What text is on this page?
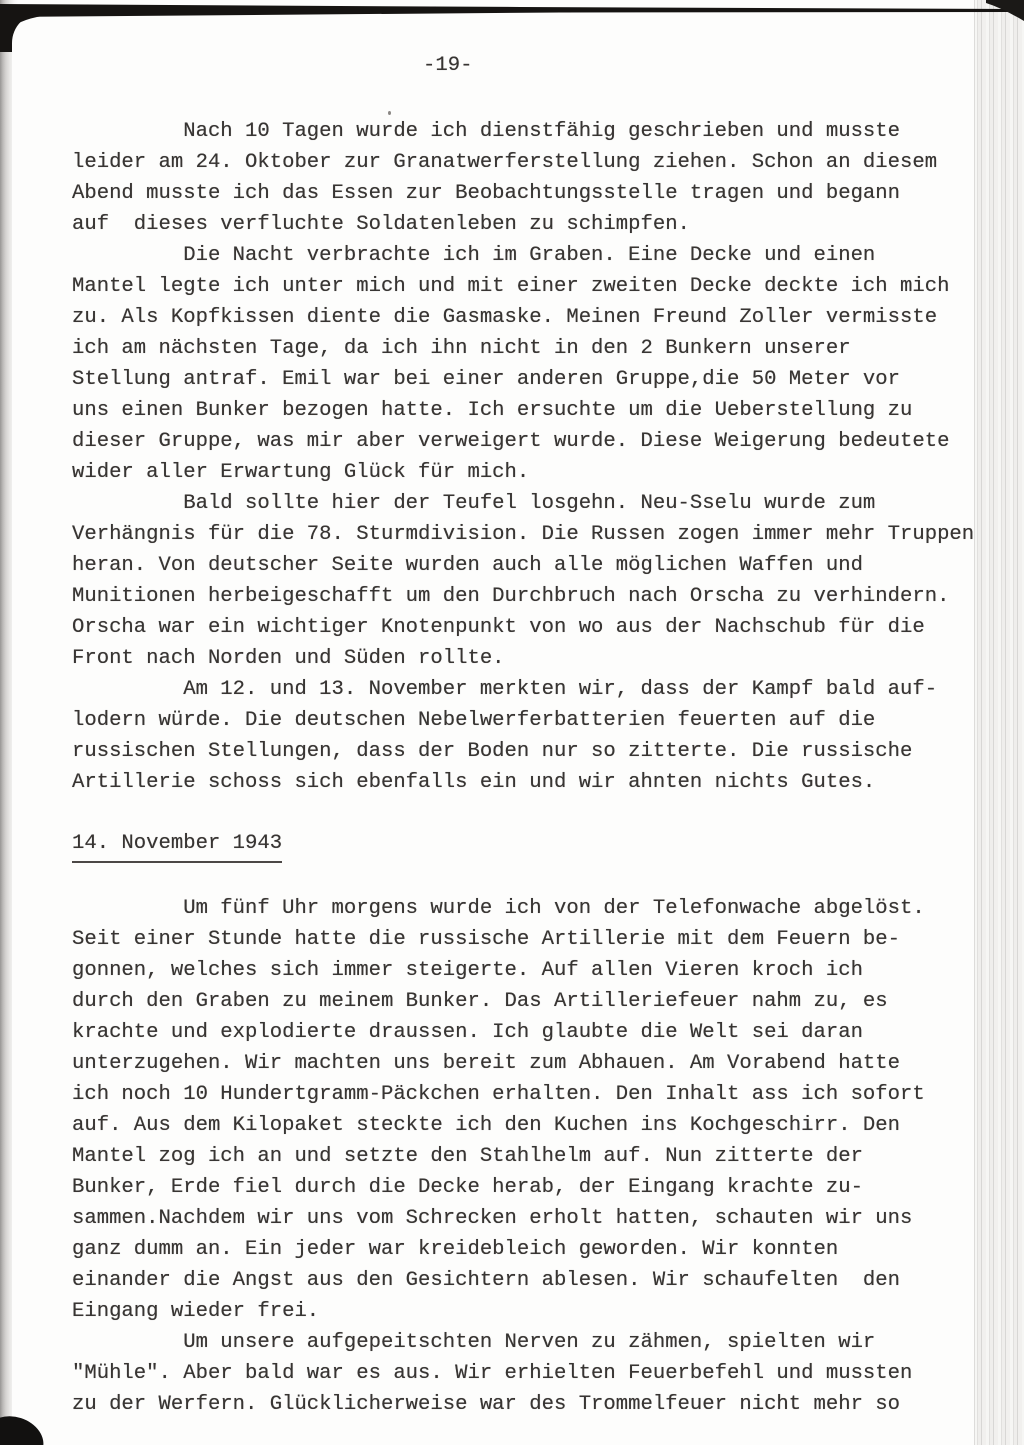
-19-
Nach 10 Tagen wurde ich dienstfähig geschrieben und musste
leider am 24. Oktober zur Granatwerferstellung ziehen. Schon an diesem
Abend musste ich das Essen zur Beobachtungsstelle tragen und begann
auf  dieses verfluchte Soldatenleben zu schimpfen.
Die Nacht verbrachte ich im Graben. Eine Decke und einen
Mantel legte ich unter mich und mit einer zweiten Decke deckte ich mich
zu. Als Kopfkissen diente die Gasmaske. Meinen Freund Zoller vermisste
ich am nächsten Tage, da ich ihn nicht in den 2 Bunkern unserer
Stellung antraf. Emil war bei einer anderen Gruppe,die 50 Meter vor
uns einen Bunker bezogen hatte. Ich ersuchte um die Ueberstellung zu
dieser Gruppe, was mir aber verweigert wurde. Diese Weigerung bedeutete
wider aller Erwartung Glück für mich.
Bald sollte hier der Teufel losgehn. Neu-Sselu wurde zum
Verhängnis für die 78. Sturmdivision. Die Russen zogen immer mehr Truppen
heran. Von deutscher Seite wurden auch alle möglichen Waffen und
Munitionen herbeigeschafft um den Durchbruch nach Orscha zu verhindern.
Orscha war ein wichtiger Knotenpunkt von wo aus der Nachschub für die
Front nach Norden und Süden rollte.
Am 12. und 13. November merkten wir, dass der Kampf bald auf-
lodern würde. Die deutschen Nebelwerferbatterien feuerten auf die
russischen Stellungen, dass der Boden nur so zitterte. Die russische
Artillerie schoss sich ebenfalls ein und wir ahnten nichts Gutes.
14. November 1943
Um fünf Uhr morgens wurde ich von der Telefonwache abgelöst.
Seit einer Stunde hatte die russische Artillerie mit dem Feuern be-
gonnen, welches sich immer steigerte. Auf allen Vieren kroch ich
durch den Graben zu meinem Bunker. Das Artilleriefeuer nahm zu, es
krachte und explodierte draussen. Ich glaubte die Welt sei daran
unterzugehen. Wir machten uns bereit zum Abhauen. Am Vorabend hatte
ich noch 10 Hundertgramm-Päckchen erhalten. Den Inhalt ass ich sofort
auf. Aus dem Kilopaket steckte ich den Kuchen ins Kochgeschirr. Den
Mantel zog ich an und setzte den Stahlhelm auf. Nun zitterte der
Bunker, Erde fiel durch die Decke herab, der Eingang krachte zu-
sammen.Nachdem wir uns vom Schrecken erholt hatten, schauten wir uns
ganz dumm an. Ein jeder war kreidebleich geworden. Wir konnten
einander die Angst aus den Gesichtern ablesen. Wir schaufelten  den
Eingang wieder frei.
Um unsere aufgepeitschten Nerven zu zähmen, spielten wir
"Mühle". Aber bald war es aus. Wir erhielten Feuerbefehl und mussten
zu der Werfern. Glücklicherweise war des Trommelfeuer nicht mehr so
